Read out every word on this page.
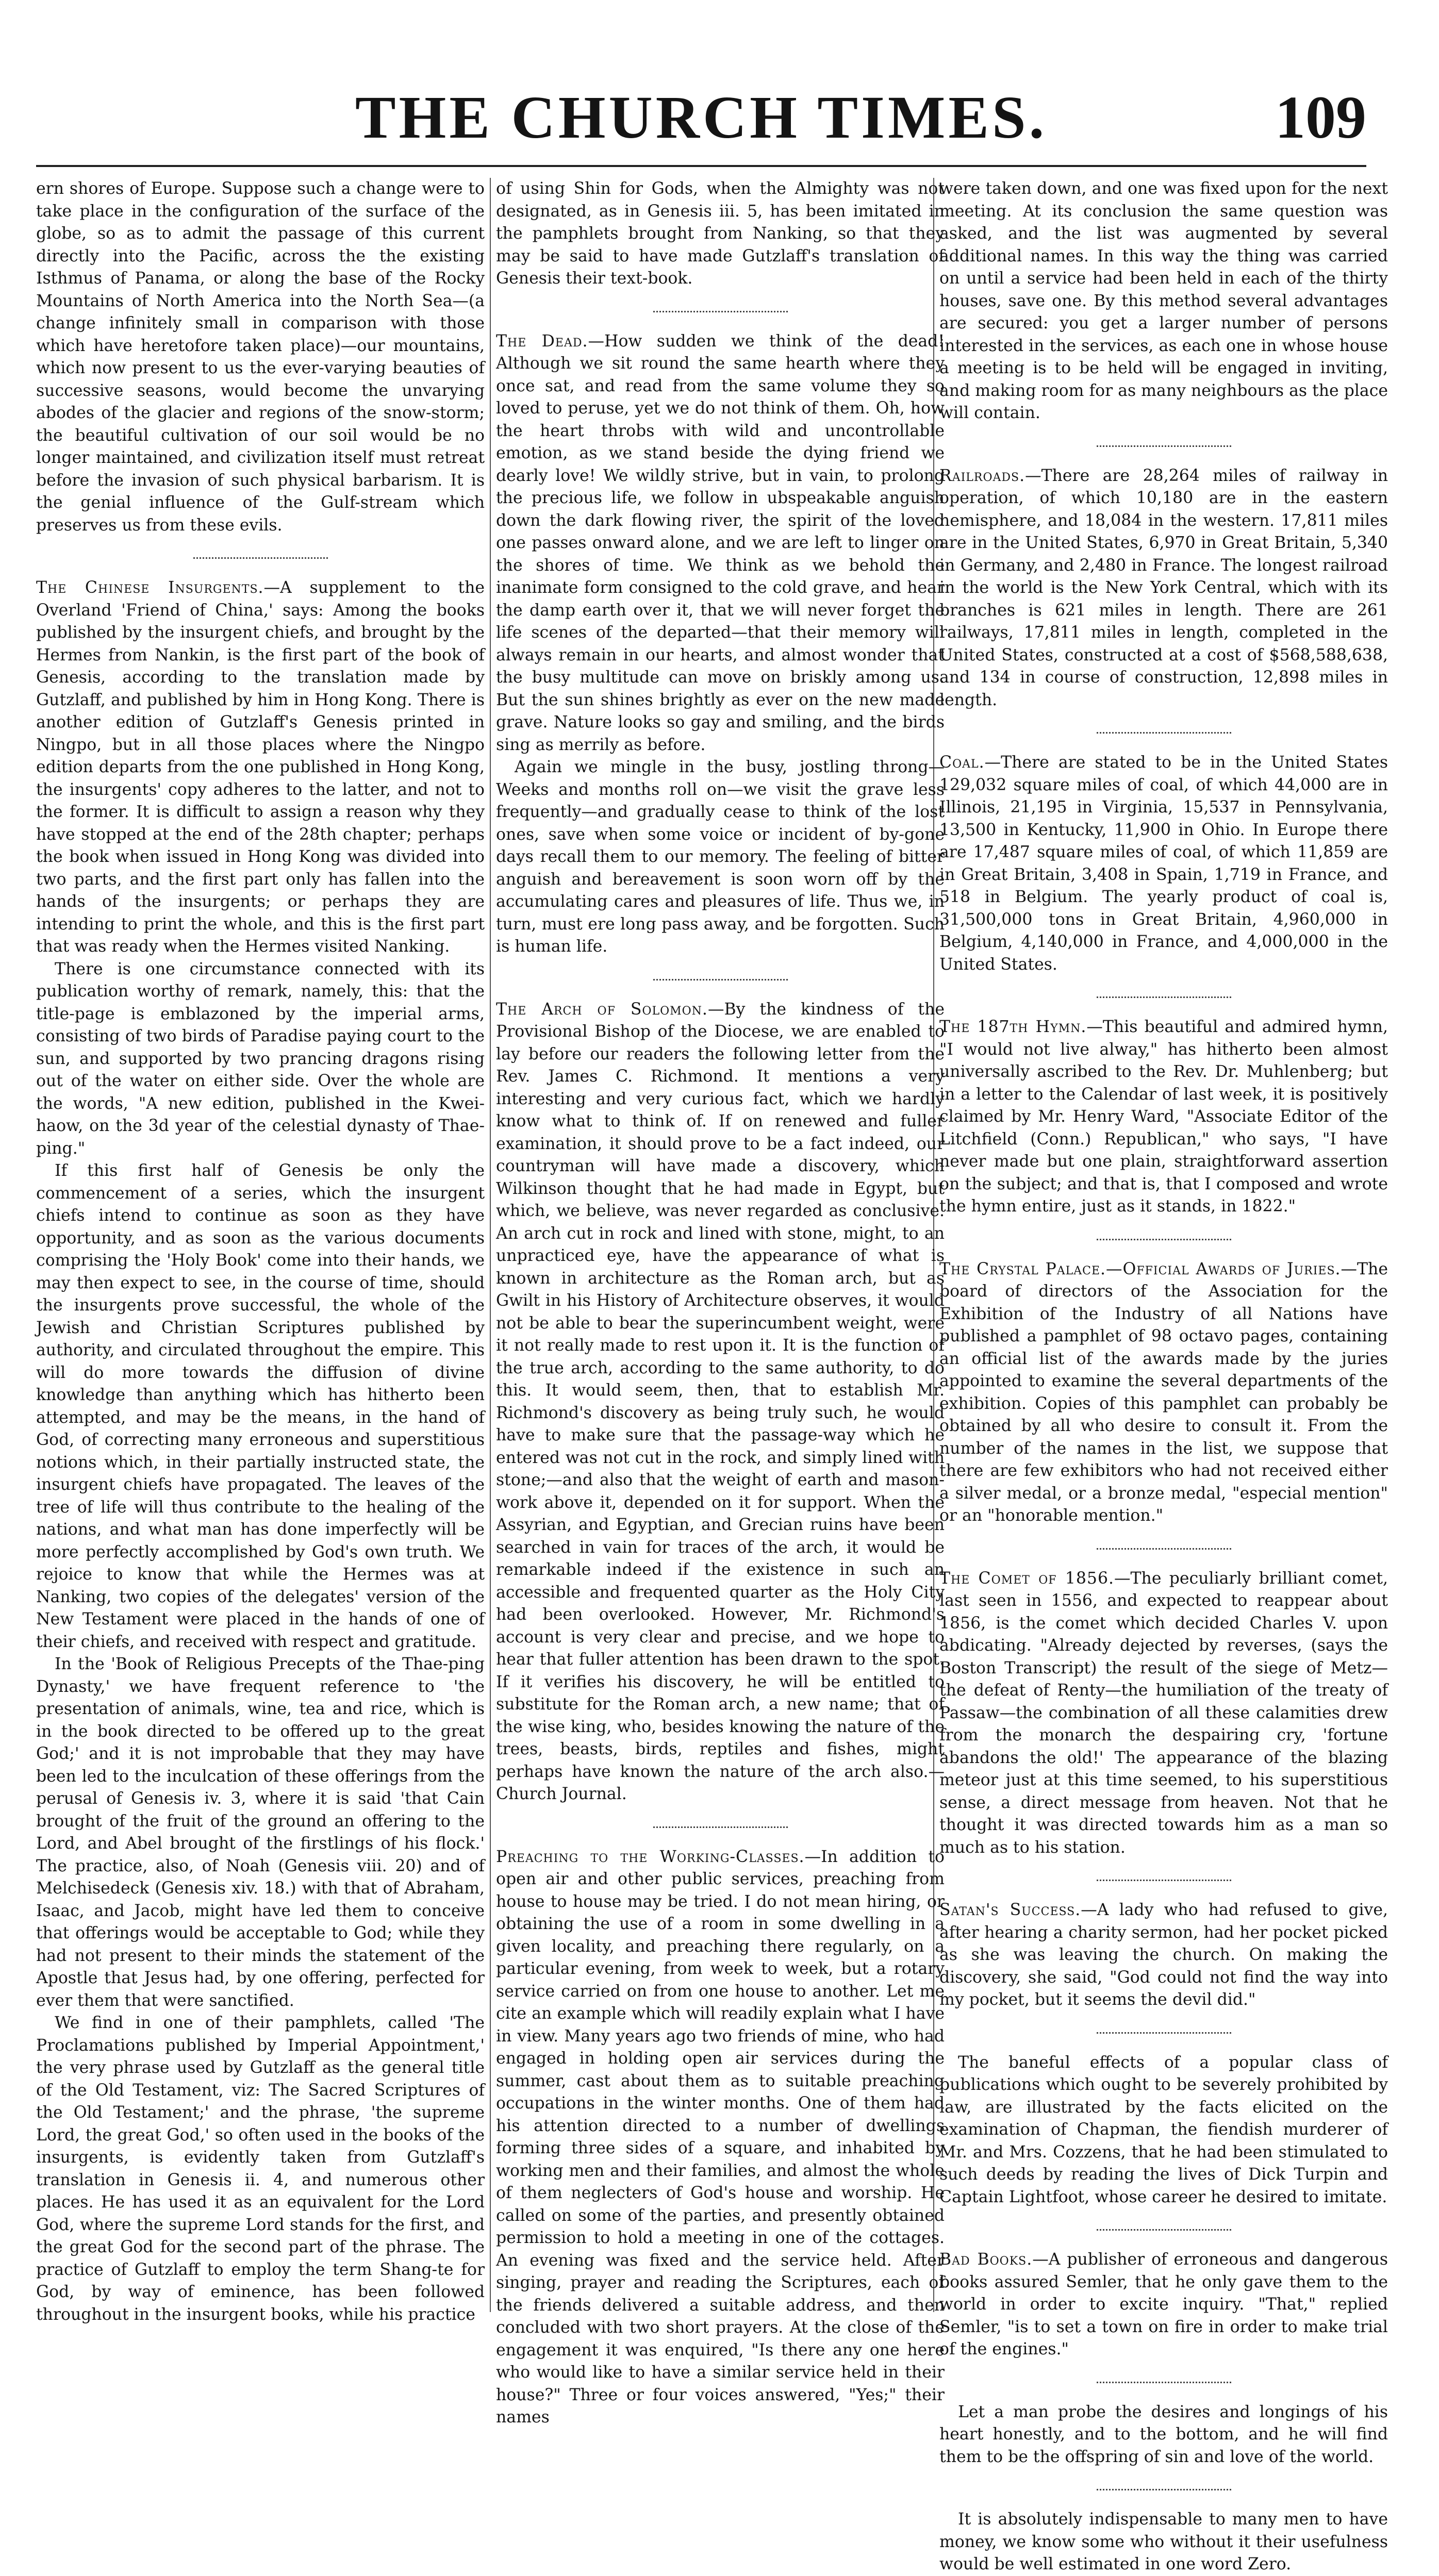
THE CHURCH TIMES.	109

ern shores of Europe. Suppose such a change were to take place in the configuration of the surface of the globe, so as to admit the passage of this current directly into the Pacific, across the the existing Isthmus of Panama, or along the base of the Rocky Mountains of North America into the North Sea—(a change infinitely small in comparison with those which have heretofore taken place)—our mountains, which now present to us the ever-varying beauties of successive seasons, would become the unvarying abodes of the glacier and regions of the snow-storm; the beautiful cultivation of our soil would be no longer maintained, and civilization itself must retreat before the invasion of such physical barbarism. It is the genial influence of the Gulf-stream which preserves us from these evils.

The Chinese Insurgents.—A supplement to the Overland 'Friend of China,' says: Among the books published by the insurgent chiefs, and brought by the Hermes from Nankin, is the first part of the book of Genesis, according to the translation made by Gutzlaff, and published by him in Hong Kong. There is another edition of Gutzlaff's Genesis printed in Ningpo, but in all those places where the Ningpo edition departs from the one published in Hong Kong, the insurgents' copy adheres to the latter, and not to the former. It is difficult to assign a reason why they have stopped at the end of the 28th chapter; perhaps the book when issued in Hong Kong was divided into two parts, and the first part only has fallen into the hands of the insurgents; or perhaps they are intending to print the whole, and this is the first part that was ready when the Hermes visited Nanking.

There is one circumstance connected with its publication worthy of remark, namely, this: that the title-page is emblazoned by the imperial arms, consisting of two birds of Paradise paying court to the sun, and supported by two prancing dragons rising out of the water on either side. Over the whole are the words, "A new edition, published in the Kwei-haow, on the 3d year of the celestial dynasty of Thae-ping."

If this first half of Genesis be only the commencement of a series, which the insurgent chiefs intend to continue as soon as they have opportunity, and as soon as the various documents comprising the 'Holy Book' come into their hands, we may then expect to see, in the course of time, should the insurgents prove successful, the whole of the Jewish and Christian Scriptures published by authority, and circulated throughout the empire. This will do more towards the diffusion of divine knowledge than anything which has hitherto been attempted, and may be the means, in the hand of God, of correcting many erroneous and superstitious notions which, in their partially instructed state, the insurgent chiefs have propagated. The leaves of the tree of life will thus contribute to the healing of the nations, and what man has done imperfectly will be more perfectly accomplished by God's own truth. We rejoice to know that while the Hermes was at Nanking, two copies of the delegates' version of the New Testament were placed in the hands of one of their chiefs, and received with respect and gratitude.

In the 'Book of Religious Precepts of the Thae-ping Dynasty,' we have frequent reference to 'the presentation of animals, wine, tea and rice, which is in the book directed to be offered up to the great God;' and it is not improbable that they may have been led to the inculcation of these offerings from the perusal of Genesis iv. 3, where it is said 'that Cain brought of the fruit of the ground an offering to the Lord, and Abel brought of the firstlings of his flock.' The practice, also, of Noah (Genesis viii. 20) and of Melchisedeck (Genesis xiv. 18.) with that of Abraham, Isaac, and Jacob, might have led them to conceive that offerings would be acceptable to God; while they had not present to their minds the statement of the Apostle that Jesus had, by one offering, perfected for ever them that were sanctified.

We find in one of their pamphlets, called 'The Proclamations published by Imperial Appointment,' the very phrase used by Gutzlaff as the general title of the Old Testament, viz: The Sacred Scriptures of the Old Testament;' and the phrase, 'the supreme Lord, the great God,' so often used in the books of the insurgents, is evidently taken from Gutzlaff's translation in Genesis ii. 4, and numerous other places. He has used it as an equivalent for the Lord God, where the supreme Lord stands for the first, and the great God for the second part of the phrase. The practice of Gutzlaff to employ the term Shang-te for God, by way of eminence, has been followed throughout in the insurgent books, while his practice

of using Shin for Gods, when the Almighty was not designated, as in Genesis iii. 5, has been imitated in the pamphlets brought from Nanking, so that they may be said to have made Gutzlaff's translation of Genesis their text-book.

The Dead.—How sudden we think of the dead! Although we sit round the same hearth where they once sat, and read from the same volume they so loved to peruse, yet we do not think of them. Oh, how the heart throbs with wild and uncontrollable emotion, as we stand beside the dying friend we dearly love! We wildly strive, but in vain, to prolong the precious life, we follow in ubspeakable anguish down the dark flowing river, the spirit of the loved one passes onward alone, and we are left to linger on the shores of time. We think as we behold the inanimate form consigned to the cold grave, and hear the damp earth over it, that we will never forget the life scenes of the departed—that their memory will always remain in our hearts, and almost wonder that the busy multitude can move on briskly among us. But the sun shines brightly as ever on the new made grave. Nature looks so gay and smiling, and the birds sing as merrily as before.

Again we mingle in the busy, jostling throng—Weeks and months roll on—we visit the grave less frequently—and gradually cease to think of the lost ones, save when some voice or incident of by-gone days recall them to our memory. The feeling of bitter anguish and bereavement is soon worn off by the accumulating cares and pleasures of life. Thus we, in turn, must ere long pass away, and be forgotten. Such is human life.

The Arch of Solomon.—By the kindness of the Provisional Bishop of the Diocese, we are enabled to lay before our readers the following letter from the Rev. James C. Richmond. It mentions a very interesting and very curious fact, which we hardly know what to think of. If on renewed and fuller examination, it should prove to be a fact indeed, our countryman will have made a discovery, which Wilkinson thought that he had made in Egypt, but which, we believe, was never regarded as conclusive. An arch cut in rock and lined with stone, might, to an unpracticed eye, have the appearance of what is known in architecture as the Roman arch, but as Gwilt in his History of Architecture observes, it would not be able to bear the superincumbent weight, were it not really made to rest upon it. It is the function of the true arch, according to the same authority, to do this. It would seem, then, that to establish Mr. Richmond's discovery as being truly such, he would have to make sure that the passage-way which he entered was not cut in the rock, and simply lined with stone;—and also that the weight of earth and mason-work above it, depended on it for support. When the Assyrian, and Egyptian, and Grecian ruins have been searched in vain for traces of the arch, it would be remarkable indeed if the existence in such an accessible and frequented quarter as the Holy City had been overlooked. However, Mr. Richmond's account is very clear and precise, and we hope to hear that fuller attention has been drawn to the spot. If it verifies his discovery, he will be entitled to substitute for the Roman arch, a new name; that of the wise king, who, besides knowing the nature of the trees, beasts, birds, reptiles and fishes, might perhaps have known the nature of the arch also.—Church Journal.

Preaching to the Working-Classes.—In addition to open air and other public services, preaching from house to house may be tried. I do not mean hiring, or obtaining the use of a room in some dwelling in a given locality, and preaching there regularly, on a particular evening, from week to week, but a rotary service carried on from one house to another. Let me cite an example which will readily explain what I have in view. Many years ago two friends of mine, who had engaged in holding open air services during the summer, cast about them as to suitable preaching occupations in the winter months. One of them had his attention directed to a number of dwellings forming three sides of a square, and inhabited by working men and their families, and almost the whole of them neglecters of God's house and worship. He called on some of the parties, and presently obtained permission to hold a meeting in one of the cottages. An evening was fixed and the service held. After singing, prayer and reading the Scriptures, each of the friends delivered a suitable address, and then concluded with two short prayers. At the close of the engagement it was enquired, "Is there any one here who would like to have a similar service held in their house?" Three or four voices answered, "Yes;" their names

were taken down, and one was fixed upon for the next meeting. At its conclusion the same question was asked, and the list was augmented by several additional names. In this way the thing was carried on until a service had been held in each of the thirty houses, save one. By this method several advantages are secured: you get a larger number of persons interested in the services, as each one in whose house a meeting is to be held will be engaged in inviting, and making room for as many neighbours as the place will contain.

Railroads.—There are 28,264 miles of railway in operation, of which 10,180 are in the eastern hemisphere, and 18,084 in the western. 17,811 miles are in the United States, 6,970 in Great Britain, 5,340 in Germany, and 2,480 in France. The longest railroad in the world is the New York Central, which with its branches is 621 miles in length. There are 261 railways, 17,811 miles in length, completed in the United States, constructed at a cost of $568,588,638, and 134 in course of construction, 12,898 miles in length.

Coal.—There are stated to be in the United States 129,032 square miles of coal, of which 44,000 are in Illinois, 21,195 in Virginia, 15,537 in Pennsylvania, 13,500 in Kentucky, 11,900 in Ohio. In Europe there are 17,487 square miles of coal, of which 11,859 are in Great Britain, 3,408 in Spain, 1,719 in France, and 518 in Belgium. The yearly product of coal is, 31,500,000 tons in Great Britain, 4,960,000 in Belgium, 4,140,000 in France, and 4,000,000 in the United States.

The 187th Hymn.—This beautiful and admired hymn, "I would not live alway," has hitherto been almost universally ascribed to the Rev. Dr. Muhlenberg; but in a letter to the Calendar of last week, it is positively claimed by Mr. Henry Ward, "Associate Editor of the Litchfield (Conn.) Republican," who says, "I have never made but one plain, straightforward assertion on the subject; and that is, that I composed and wrote the hymn entire, just as it stands, in 1822."

The Crystal Palace.—Official Awards of Juries.—The board of directors of the Association for the Exhibition of the Industry of all Nations have published a pamphlet of 98 octavo pages, containing an official list of the awards made by the juries appointed to examine the several departments of the exhibition. Copies of this pamphlet can probably be obtained by all who desire to consult it. From the number of the names in the list, we suppose that there are few exhibitors who had not received either a silver medal, or a bronze medal, "especial mention" or an "honorable mention."

The Comet of 1856.—The peculiarly brilliant comet, last seen in 1556, and expected to reappear about 1856, is the comet which decided Charles V. upon abdicating. "Already dejected by reverses, (says the Boston Transcript) the result of the siege of Metz—the defeat of Renty—the humiliation of the treaty of Passaw—the combination of all these calamities drew from the monarch the despairing cry, 'fortune abandons the old!' The appearance of the blazing meteor just at this time seemed, to his superstitious sense, a direct message from heaven. Not that he thought it was directed towards him as a man so much as to his station.

Satan's Success.—A lady who had refused to give, after hearing a charity sermon, had her pocket picked as she was leaving the church. On making the discovery, she said, "God could not find the way into my pocket, but it seems the devil did."

The baneful effects of a popular class of publications which ought to be severely prohibited by law, are illustrated by the facts elicited on the examination of Chapman, the fiendish murderer of Mr. and Mrs. Cozzens, that he had been stimulated to such deeds by reading the lives of Dick Turpin and Captain Lightfoot, whose career he desired to imitate.

Bad Books.—A publisher of erroneous and dangerous books assured Semler, that he only gave them to the world in order to excite inquiry. "That," replied Semler, "is to set a town on fire in order to make trial of the engines."

Let a man probe the desires and longings of his heart honestly, and to the bottom, and he will find them to be the offspring of sin and love of the world.

It is absolutely indispensable to many men to have money, we know some who without it their usefulness would be well estimated in one word Zero.
